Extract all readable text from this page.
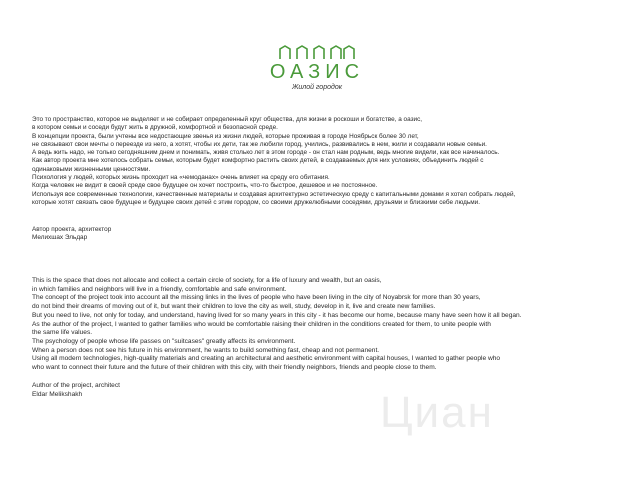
ОАЗИС
Жилой городок

Это то пространство, которое не выделяет и не собирает определенный круг общества, для жизни в роскоши и богатстве, а оазис,

в котором семьи и соседи будут жить в дружной, комфортной и безопасной среде.

В концепции проекта, были учтены все недостающие звенья из жизни людей, которые проживая в городе Ноябрьск более 30 лет,

не связывают свои мечты о переезде из него, а хотят, чтобы их дети, так же любили город, учились, развивались в нем, жили и создавали новые семьи.

А ведь жить надо, не только сегодняшним днем и понимать, живя столько лет в этом городе - он стал нам родным, ведь многие видели, как все начиналось.

Как автор проекта мне хотелось собрать семьи, которым будет комфортно растить своих детей, в создаваемых для них условиях, объединить людей с

одинаковыми жизненными ценностями.

Психология у людей, которых жизнь проходит на «чемоданах» очень влияет на среду его обитания.

Когда человек не видит в своей среде свое будущее он хочет построить, что-то быстрое, дешевое и не постоянное.

Используя все современные технологии, качественные материалы и создавая архитектурно эстетическую среду с капитальными домами я хотел собрать людей,

которые хотят связать свое будущее и будущее своих детей с этим городом, со своими дружелюбными соседями, друзьями и близкими себе людьми.

Автор проекта, архитектор

Мелихшах Эльдар

This is the space that does not allocate and collect a certain circle of society, for a life of luxury and wealth, but an oasis,

in which families and neighbors will live in a friendly, comfortable and safe environment.

The concept of the project took into account all the missing links in the lives of people who have been living in the city of Noyabrsk for more than 30 years,

do not bind their dreams of moving out of it, but want their children to love the city as well, study, develop in it, live and create new families.

But you need to live, not only for today, and understand, having lived for so many years in this city - it has become our home, because many have seen how it all began.

As the author of the project, I wanted to gather families who would be comfortable raising their children in the conditions created for them, to unite people with

the same life values.

The psychology of people whose life passes on "suitcases" greatly affects its environment.

When a person does not see his future in his environment, he wants to build something fast, cheap and not permanent.

Using all modern technologies, high-quality materials and creating an architectural and aesthetic environment with capital houses, I wanted to gather people who

who want to connect their future and the future of their children with this city, with their friendly neighbors, friends and people close to them.

Author of the project, architect

Eldar Melikshakh	Циан
